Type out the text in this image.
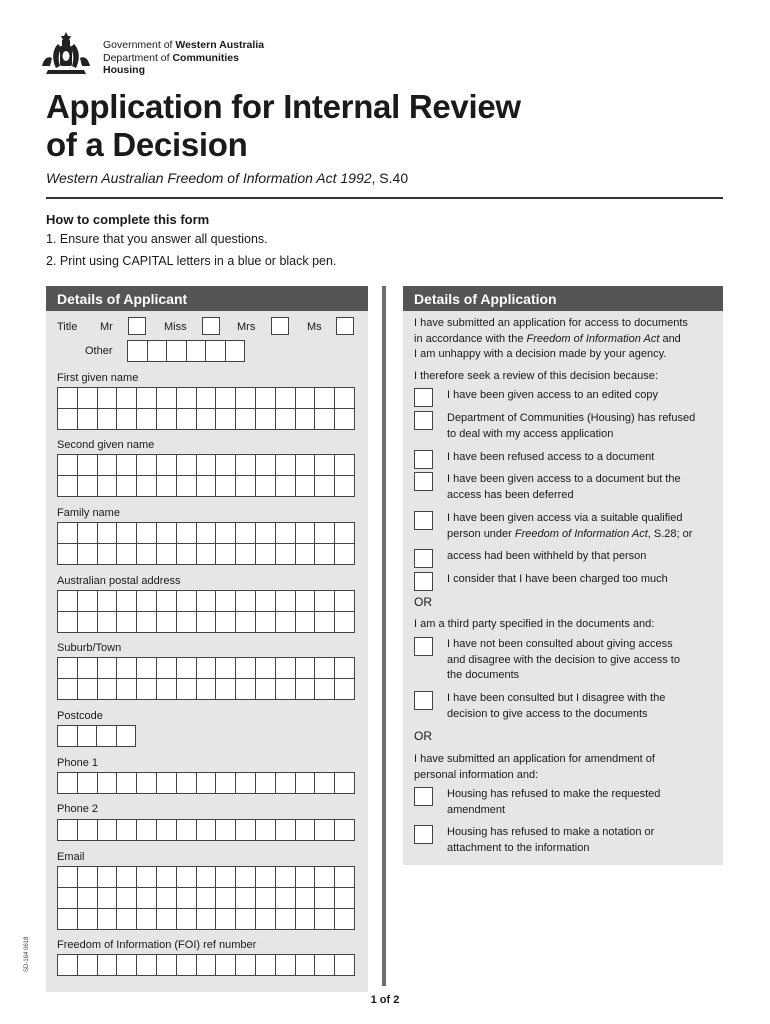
Government of Western Australia
Department of Communities
Housing
Application for Internal Review
of a Decision
Western Australian Freedom of Information Act 1992, S.40
How to complete this form
1. Ensure that you answer all questions.
2. Print using CAPITAL letters in a blue or black pen.
Details of Applicant
Title Mr	Miss	Mrs	Ms
Other
First given name
Second given name
Family name
Australian postal address
Suburb/Town
Postcode
Phone 1
Phone 2
Email
Freedom of Information (FOI) ref number
Details of Application
I have submitted an application for access to documents
in accordance with the Freedom of Information Act and
I am unhappy with a decision made by your agency.
I therefore seek a review of this decision because:
I have been given access to an edited copy
Department of Communities (Housing) has refused
to deal with my access application
I have been refused access to a document
I have been given access to a document but the
access has been deferred
I have been given access via a suitable qualified
person under Freedom of Information Act, S.28; or
access had been withheld by that person
I consider that I have been charged too much
OR
I am a third party specified in the documents and:
I have not been consulted about giving access
and disagree with the decision to give access to
the documents
I have been consulted but I disagree with the
decision to give access to the documents
OR
I have submitted an application for amendment of
personal information and:
Housing has refused to make the requested
amendment
Housing has refused to make a notation or
attachment to the information
SD-164 0618
1 of 2
